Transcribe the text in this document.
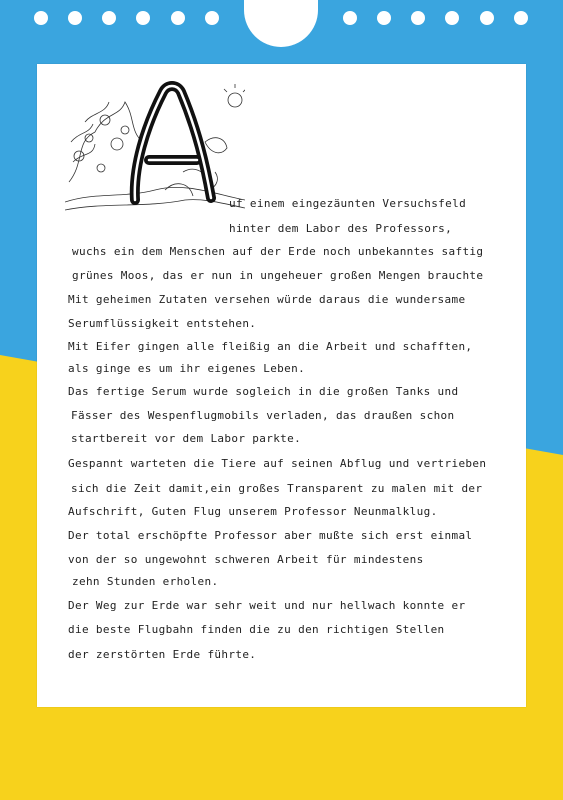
A
uf einem eingezäunten Versuchsfeld
hinter dem Labor des Professors,
wuchs ein dem Menschen auf der Erde noch unbekanntes saftig
grünes Moos, das er nun in ungeheuer großen Mengen brauchte
Mit geheimen Zutaten versehen würde daraus die wundersame
Serumflüssigkeit entstehen.
Mit Eifer gingen alle fleißig an die Arbeit und schafften,
als ginge es um ihr eigenes Leben.
Das fertige Serum wurde sogleich in die großen Tanks und
Fässer des Wespenflugmobils verladen, das draußen schon
startbereit vor dem Labor parkte.
Gespannt warteten die Tiere auf seinen Abflug und vertrieben
sich die Zeit damit,ein großes Transparent zu malen mit der
Aufschrift, Guten Flug unserem Professor Neunmalklug.
Der total erschöpfte Professor aber mußte sich erst einmal
von der so ungewohnt schweren Arbeit für mindestens
zehn Stunden erholen.
Der Weg zur Erde war sehr weit und nur hellwach konnte er
die beste Flugbahn finden die zu den richtigen Stellen
der zerstörten Erde führte.
